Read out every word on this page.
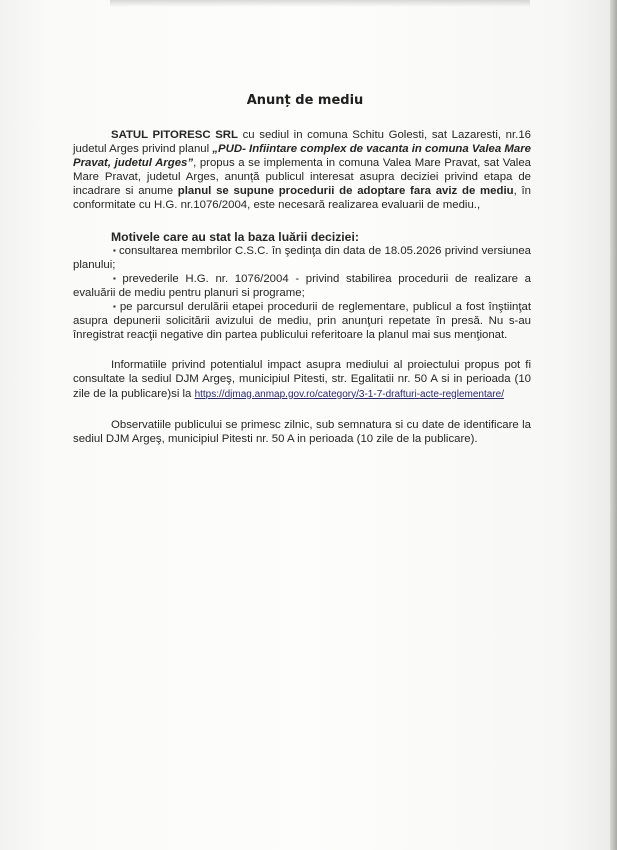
Anunț de mediu

SATUL PITORESC SRL cu sediul in comuna Schitu Golesti, sat Lazaresti, nr.16 judetul Arges privind planul „PUD- Infiintare complex de vacanta in comuna Valea Mare Pravat, judetul Arges”, propus a se implementa in comuna Valea Mare Pravat, sat Valea Mare Pravat, judetul Arges, anunță publicul interesat asupra deciziei privind etapa de incadrare si anume planul se supune procedurii de adoptare fara aviz de mediu, în conformitate cu H.G. nr.1076/2004, este necesară realizarea evaluarii de mediu.,

Motivele care au stat la baza luării deciziei:

▪ consultarea membrilor C.S.C. în şedinţa din data de 18.05.2026 privind versiunea planului;

▪ prevederile H.G. nr. 1076/2004 - privind stabilirea procedurii de realizare a evaluării de mediu pentru planuri si programe;

▪ pe parcursul derulării etapei procedurii de reglementare, publicul a fost înştiinţat asupra depunerii solicitării avizului de mediu, prin anunţuri repetate în presă. Nu s-au înregistrat reacţii negative din partea publicului referitoare la planul mai sus menţionat.

Informatiile privind potentialul impact asupra mediului al proiectului propus pot fi consultate la sediul DJM Argeş, municipiul Pitesti, str. Egalitatii nr. 50 A si in perioada (10 zile de la publicare)si la https://djmag.anmap.gov.ro/category/3-1-7-drafturi-acte-reglementare/

Observatiile publicului se primesc zilnic, sub semnatura si cu date de identificare la sediul DJM Argeş, municipiul Pitesti nr. 50 A in perioada (10 zile de la publicare).
